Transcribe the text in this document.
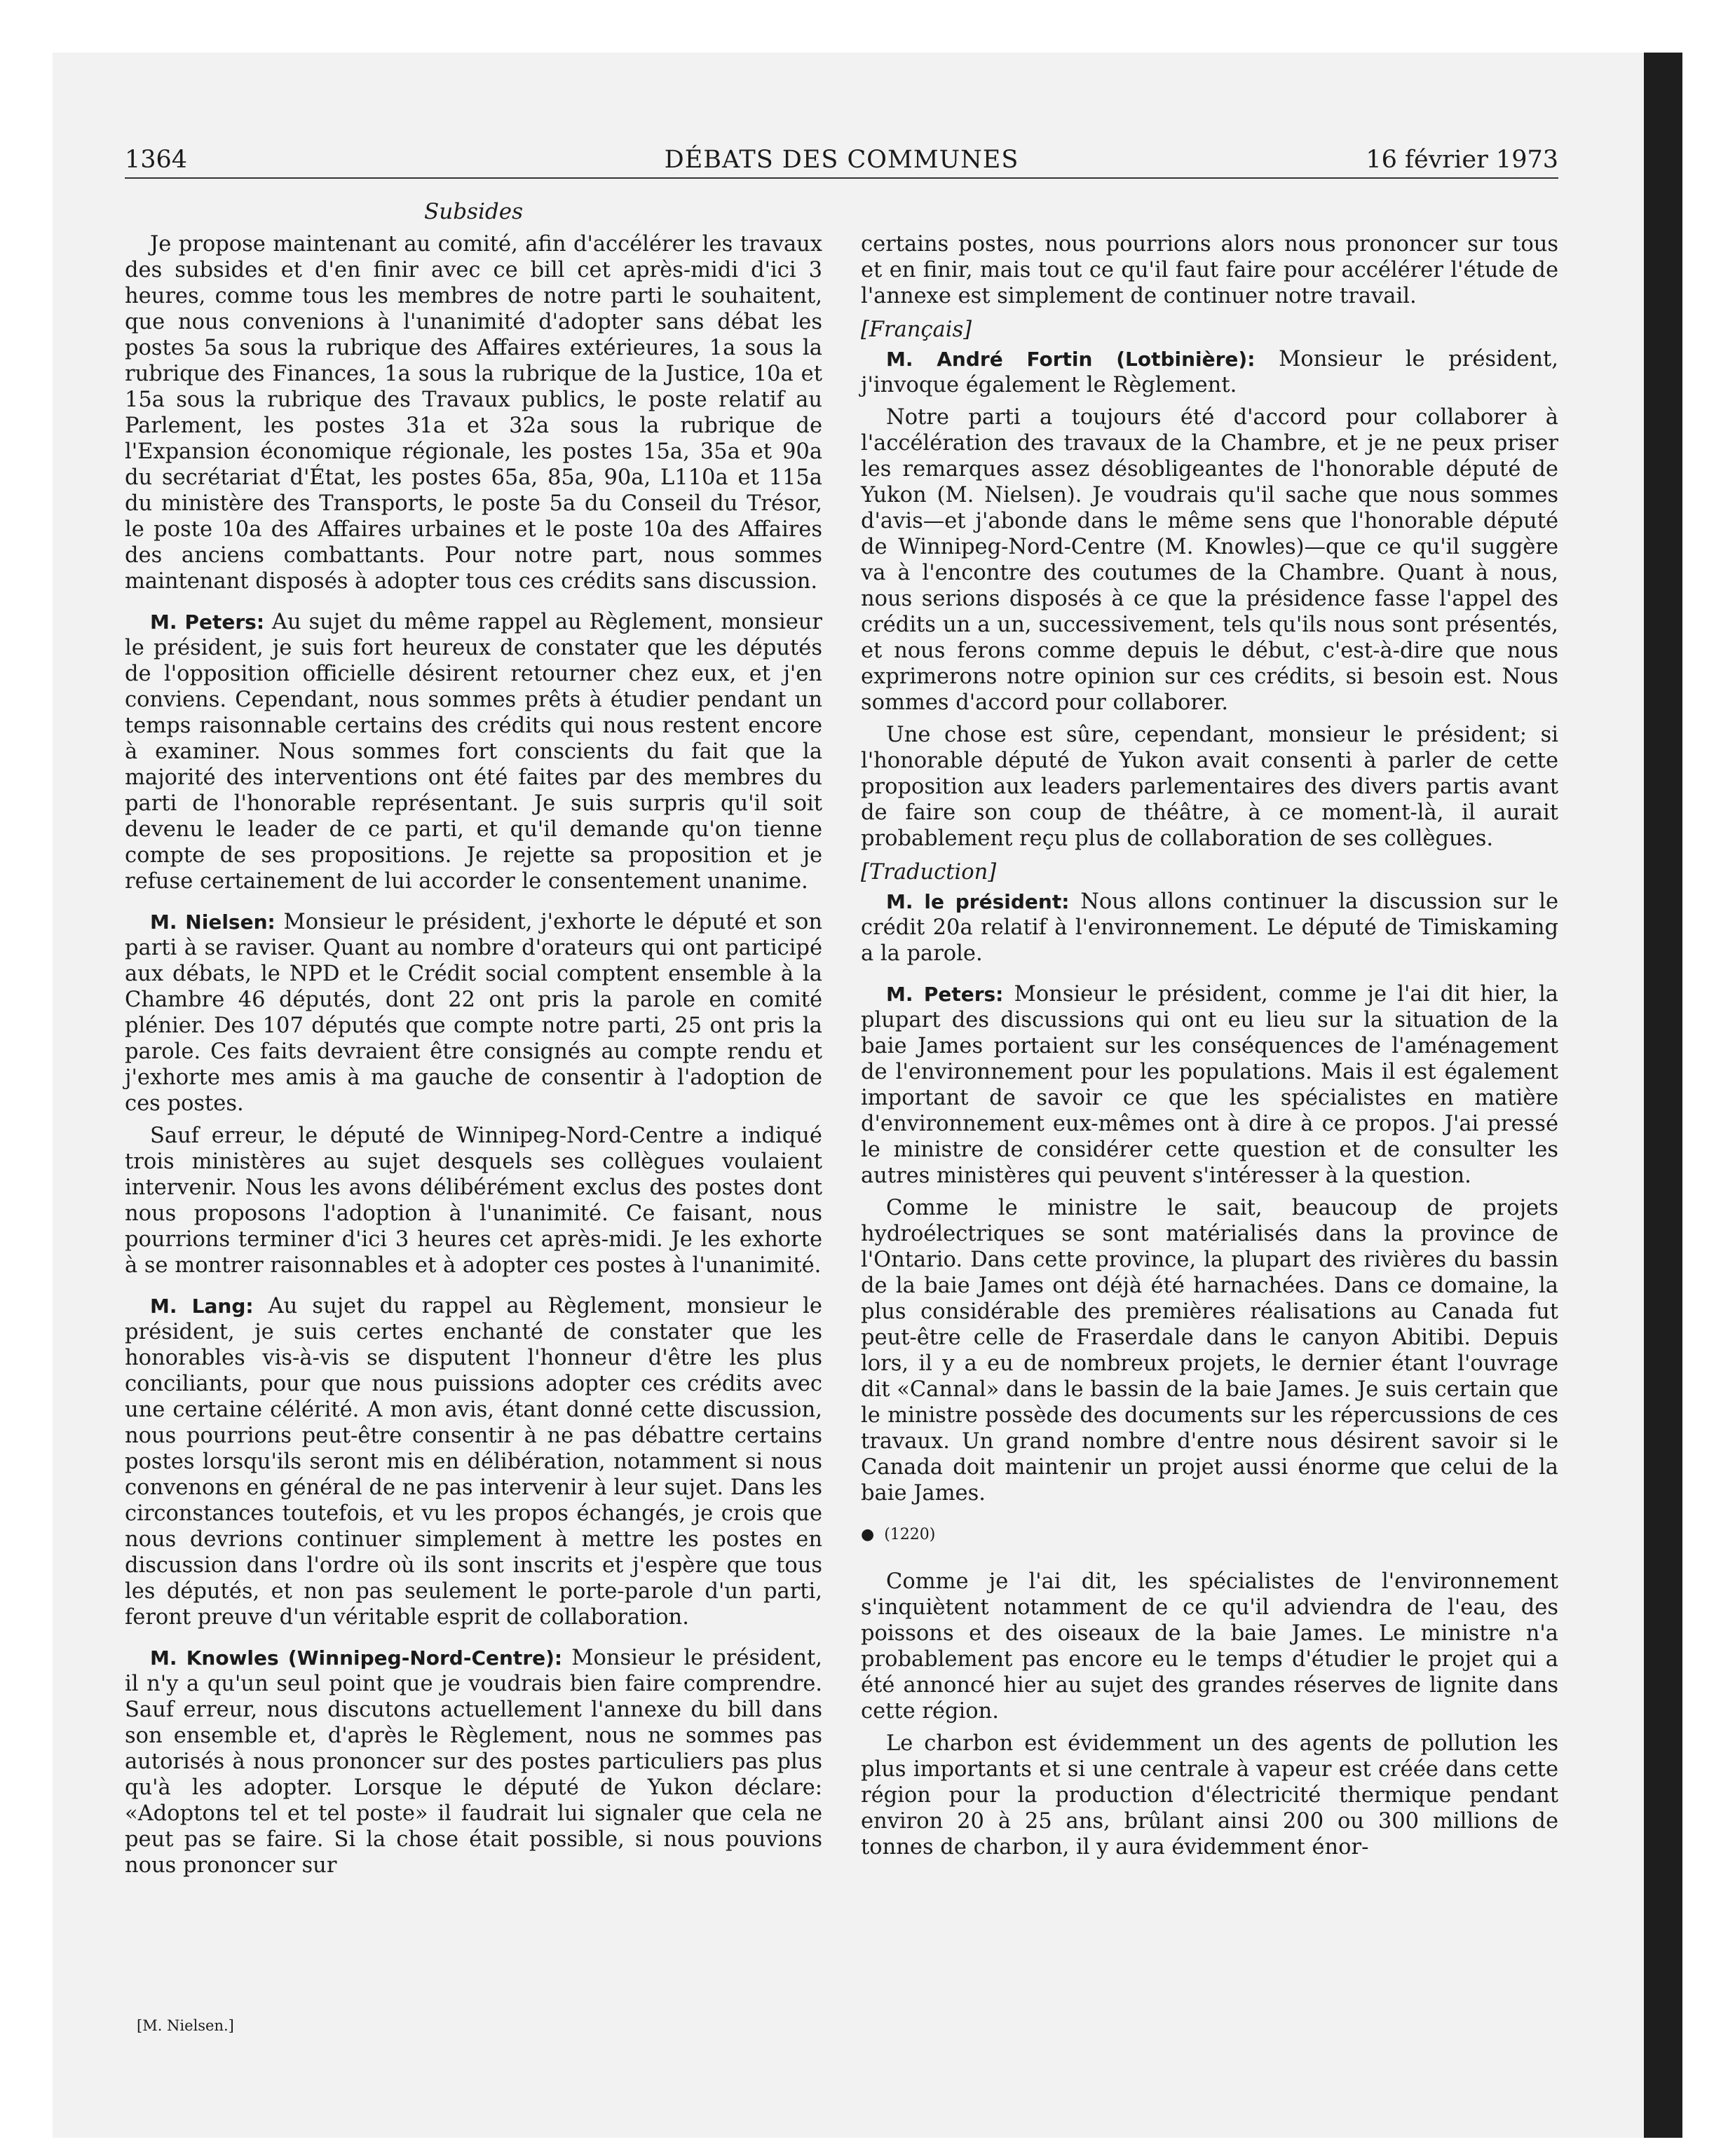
1364	DÉBATS DES COMMUNES	16 février 1973
Subsides

Je propose maintenant au comité, afin d'accélérer les travaux des subsides et d'en finir avec ce bill cet après-midi d'ici 3 heures, comme tous les membres de notre parti le souhaitent, que nous convenions à l'unanimité d'adopter sans débat les postes 5a sous la rubrique des Affaires extérieures, 1a sous la rubrique des Finances, 1a sous la rubrique de la Justice, 10a et 15a sous la rubrique des Travaux publics, le poste relatif au Parlement, les postes 31a et 32a sous la rubrique de l'Expansion économique régionale, les postes 15a, 35a et 90a du secrétariat d'État, les postes 65a, 85a, 90a, L110a et 115a du ministère des Transports, le poste 5a du Conseil du Trésor, le poste 10a des Affaires urbaines et le poste 10a des Affaires des anciens combattants. Pour notre part, nous sommes maintenant disposés à adopter tous ces crédits sans discussion.

M. Peters: Au sujet du même rappel au Règlement, monsieur le président, je suis fort heureux de constater que les députés de l'opposition officielle désirent retourner chez eux, et j'en conviens. Cependant, nous sommes prêts à étudier pendant un temps raisonnable certains des crédits qui nous restent encore à examiner. Nous sommes fort conscients du fait que la majorité des interventions ont été faites par des membres du parti de l'honorable représentant. Je suis surpris qu'il soit devenu le leader de ce parti, et qu'il demande qu'on tienne compte de ses propositions. Je rejette sa proposition et je refuse certainement de lui accorder le consentement unanime.

M. Nielsen: Monsieur le président, j'exhorte le député et son parti à se raviser. Quant au nombre d'orateurs qui ont participé aux débats, le NPD et le Crédit social comptent ensemble à la Chambre 46 députés, dont 22 ont pris la parole en comité plénier. Des 107 députés que compte notre parti, 25 ont pris la parole. Ces faits devraient être consignés au compte rendu et j'exhorte mes amis à ma gauche de consentir à l'adoption de ces postes.

Sauf erreur, le député de Winnipeg-Nord-Centre a indiqué trois ministères au sujet desquels ses collègues voulaient intervenir. Nous les avons délibérément exclus des postes dont nous proposons l'adoption à l'unanimité. Ce faisant, nous pourrions terminer d'ici 3 heures cet après-midi. Je les exhorte à se montrer raisonnables et à adopter ces postes à l'unanimité.

M. Lang: Au sujet du rappel au Règlement, monsieur le président, je suis certes enchanté de constater que les honorables vis-à-vis se disputent l'honneur d'être les plus conciliants, pour que nous puissions adopter ces crédits avec une certaine célérité. A mon avis, étant donné cette discussion, nous pourrions peut-être consentir à ne pas débattre certains postes lorsqu'ils seront mis en délibération, notamment si nous convenons en général de ne pas intervenir à leur sujet. Dans les circonstances toutefois, et vu les propos échangés, je crois que nous devrions continuer simplement à mettre les postes en discussion dans l'ordre où ils sont inscrits et j'espère que tous les députés, et non pas seulement le porte-parole d'un parti, feront preuve d'un véritable esprit de collaboration.

M. Knowles (Winnipeg-Nord-Centre): Monsieur le président, il n'y a qu'un seul point que je voudrais bien faire comprendre. Sauf erreur, nous discutons actuellement l'annexe du bill dans son ensemble et, d'après le Règlement, nous ne sommes pas autorisés à nous prononcer sur des postes particuliers pas plus qu'à les adopter. Lorsque le député de Yukon déclare: «Adoptons tel et tel poste» il faudrait lui signaler que cela ne peut pas se faire. Si la chose était possible, si nous pouvions nous prononcer sur

certains postes, nous pourrions alors nous prononcer sur tous et en finir, mais tout ce qu'il faut faire pour accélérer l'étude de l'annexe est simplement de continuer notre travail.

[Français]

M. André Fortin (Lotbinière): Monsieur le président, j'invoque également le Règlement.

Notre parti a toujours été d'accord pour collaborer à l'accélération des travaux de la Chambre, et je ne peux priser les remarques assez désobligeantes de l'honorable député de Yukon (M. Nielsen). Je voudrais qu'il sache que nous sommes d'avis—et j'abonde dans le même sens que l'honorable député de Winnipeg-Nord-Centre (M. Knowles)—que ce qu'il suggère va à l'encontre des coutumes de la Chambre. Quant à nous, nous serions disposés à ce que la présidence fasse l'appel des crédits un a un, successivement, tels qu'ils nous sont présentés, et nous ferons comme depuis le début, c'est-à-dire que nous exprimerons notre opinion sur ces crédits, si besoin est. Nous sommes d'accord pour collaborer.

Une chose est sûre, cependant, monsieur le président; si l'honorable député de Yukon avait consenti à parler de cette proposition aux leaders parlementaires des divers partis avant de faire son coup de théâtre, à ce moment-là, il aurait probablement reçu plus de collaboration de ses collègues.

[Traduction]

M. le président: Nous allons continuer la discussion sur le crédit 20a relatif à l'environnement. Le député de Timiskaming a la parole.

M. Peters: Monsieur le président, comme je l'ai dit hier, la plupart des discussions qui ont eu lieu sur la situation de la baie James portaient sur les conséquences de l'aménagement de l'environnement pour les populations. Mais il est également important de savoir ce que les spécialistes en matière d'environnement eux-mêmes ont à dire à ce propos. J'ai pressé le ministre de considérer cette question et de consulter les autres ministères qui peuvent s'intéresser à la question.

Comme le ministre le sait, beaucoup de projets hydroélectriques se sont matérialisés dans la province de l'Ontario. Dans cette province, la plupart des rivières du bassin de la baie James ont déjà été harnachées. Dans ce domaine, la plus considérable des premières réalisations au Canada fut peut-être celle de Fraserdale dans le canyon Abitibi. Depuis lors, il y a eu de nombreux projets, le dernier étant l'ouvrage dit «Cannal» dans le bassin de la baie James. Je suis certain que le ministre possède des documents sur les répercussions de ces travaux. Un grand nombre d'entre nous désirent savoir si le Canada doit maintenir un projet aussi énorme que celui de la baie James.

● (1220)

Comme je l'ai dit, les spécialistes de l'environnement s'inquiètent notamment de ce qu'il adviendra de l'eau, des poissons et des oiseaux de la baie James. Le ministre n'a probablement pas encore eu le temps d'étudier le projet qui a été annoncé hier au sujet des grandes réserves de lignite dans cette région.

Le charbon est évidemment un des agents de pollution les plus importants et si une centrale à vapeur est créée dans cette région pour la production d'électricité thermique pendant environ 20 à 25 ans, brûlant ainsi 200 ou 300 millions de tonnes de charbon, il y aura évidemment énor-

[M. Nielsen.]
